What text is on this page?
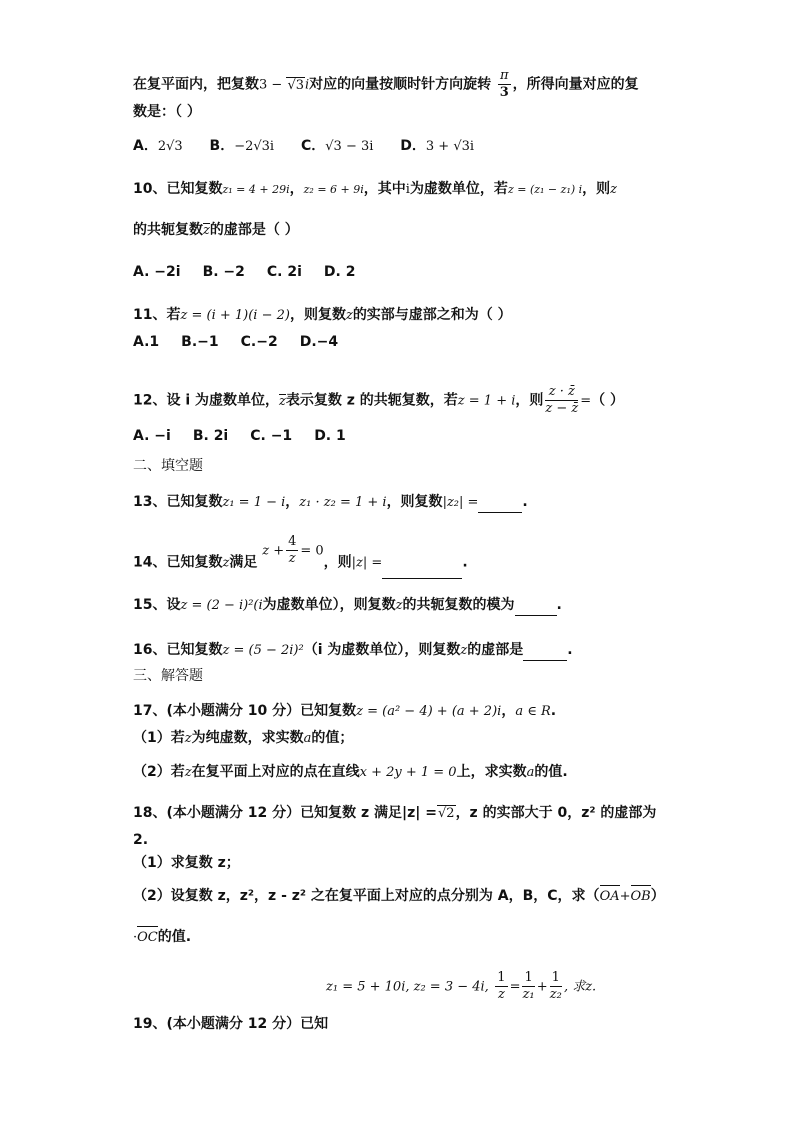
在复平面内，把复数3 − √3i对应的向量按顺时针方向旋转 $\frac{\pi}{3}$ ，所得向量对应的复
数是：（ ）
A．2√3 B．−2√3i C．√3 − 3i D．3 + √3i
10、已知复数z₁ = 4 + 29i，z₂ = 6 + 9i，其中i为虚数单位，若z = (z₁ − z₁) i，则z
的共轭复数z的虚部是（ ）
A. −2i B. −2 C. 2i D. 2
11、若z = (i + 1)(i − 2)，则复数z的实部与虚部之和为（ ）
A.1 B.−1 C.−2 D.−4
12、设 i 为虚数单位，z表示复数 z 的共轭复数，若z = 1 + i，则 $\frac{z \cdot z̄}{z - z̄}$ =（ ）
A. −i B. 2i C. −1 D. 1
二、填空题
13、已知复数z₁ = 1 − i，z₁ · z₂ = 1 + i，则复数|z₂| =	.
14、已知复数z满足 $z + \frac{4}{z} = 0$，则|z| =	.
15、设z = (2 − i)²(i为虚数单位），则复数z的共轭复数的模为	.
16、已知复数z = (5 − 2i)²（i 为虚数单位），则复数z的虚部是	.
三、解答题
17、(本小题满分 10 分）已知复数z = (a² − 4) + (a + 2)i，a ∈ R.
（1）若z为纯虚数，求实数a的值；
（2）若z在复平面上对应的点在直线x + 2y + 1 = 0上，求实数a的值.
18、(本小题满分 12 分）已知复数 z 满足|z| =√2，z 的实部大于 0，z² 的虚部为
2.
（1）求复数 z；
（2）设复数 z，z²，z - z² 之在复平面上对应的点分别为 A，B，C，求（OA+OB）
·OC的值.
z₁ = 5 + 10i, z₂ = 3 − 4i, $\frac{1}{z} = \frac{1}{\text{z₁}} + \frac{1}{\text{z₂}}$ , 求z.
19、(本小题满分 12 分）已知
